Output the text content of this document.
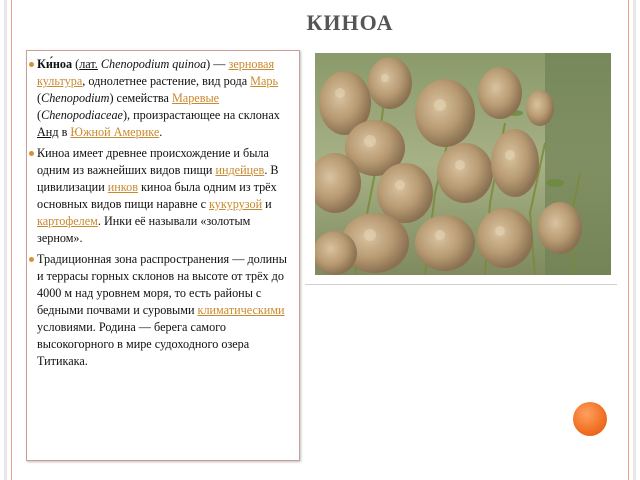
КИНОА

Ки́ноа (лат. Chenopodium quinoa) — зерновая культура, однолетнее растение, вид рода Марь (Chenopodium) семейства Маревые (Chenopodiaceae), произрастающее на склонах Анд в Южной Америке.

Киноа имеет древнее происхождение и была одним из важнейших видов пищи индейцев. В цивилизации инков киноа была одним из трёх основных видов пищи наравне с кукурузой и картофелем. Инки её называли «золотым зерном».

Традиционная зона распространения — долины и террасы горных склонов на высоте от трёх до 4000 м над уровнем моря, то есть районы с бедными почвами и суровыми климатическими условиями. Родина — берега самого высокогорного в мире судоходного озера Титикака.
